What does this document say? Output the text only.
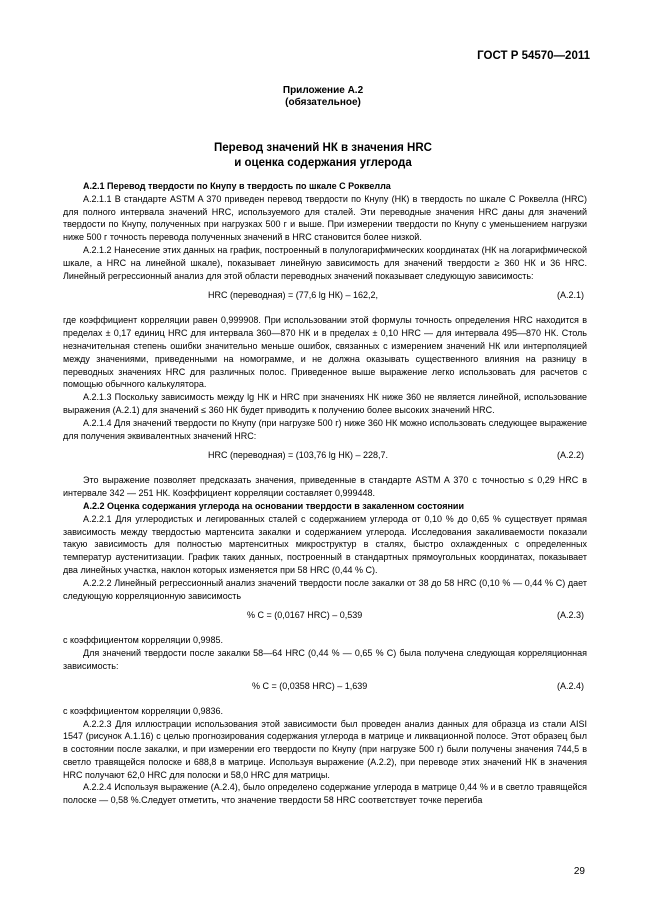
ГОСТ Р 54570—2011
Приложение А.2
(обязательное)
Перевод значений НК в значения HRC
и оценка содержания углерода

А.2.1 Перевод твердости по Кнупу в твердость по шкале С Роквелла

А.2.1.1 В стандарте ASTM A 370 приведен перевод твердости по Кнупу (НК) в твердость по шкале С Роквелла (HRC) для полного интервала значений HRC, используемого для сталей. Эти переводные значения HRC даны для значений твердости по Кнупу, полученных при нагрузках 500 г и выше. При измерении твердости по Кнупу с уменьшением нагрузки ниже 500 г точность перевода полученных значений в HRC становится более низкой.

А.2.1.2 Нанесение этих данных на график, построенный в полулогарифмических координатах (НК на логарифмической шкале, а HRC на линейной шкале), показывает линейную зависимость для значений твердости ≥ 360 НК и 36 HRC. Линейный регрессионный анализ для этой области переводных значений показывает следующую зависимость:

HRC (переводная) = (77,6 lg НК) – 162,2,	(А.2.1)

где коэффициент корреляции равен 0,999908. При использовании этой формулы точность определения HRC находится в пределах ± 0,17 единиц HRC для интервала 360—870 НК и в пределах ± 0,10 HRC — для интервала 495—870 НК. Столь незначительная степень ошибки значительно меньше ошибок, связанных с измерением значений НК или интерполяцией между значениями, приведенными на номограмме, и не должна оказывать существенного влияния на разницу в переводных значениях HRC для различных полос. Приведенное выше выражение легко использовать для расчетов с помощью обычного калькулятора.

А.2.1.3 Поскольку зависимость между lg НК и HRC при значениях НК ниже 360 не является линейной, использование выражения (А.2.1) для значений ≤ 360 НК будет приводить к получению более высоких значений HRC.

А.2.1.4 Для значений твердости по Кнупу (при нагрузке 500 г) ниже 360 НК можно использовать следующее выражение для получения эквивалентных значений HRC:

HRC (переводная) = (103,76 lg НК) – 228,7.	(А.2.2)

Это выражение позволяет предсказать значения, приведенные в стандарте ASTM A 370 с точностью ≤ 0,29 HRC в интервале 342 — 251 НК. Коэффициент корреляции составляет 0,999448.

А.2.2 Оценка содержания углерода на основании твердости в закаленном состоянии

А.2.2.1 Для углеродистых и легированных сталей с содержанием углерода от 0,10 % до 0,65 % существует прямая зависимость между твердостью мартенсита закалки и содержанием углерода. Исследования закаливаемости показали такую зависимость для полностью мартенситных микроструктур в сталях, быстро охлажденных с определенных температур аустенитизации. График таких данных, построенный в стандартных прямоугольных координатах, показывает два линейных участка, наклон которых изменяется при 58 HRC (0,44 % С).

А.2.2.2 Линейный регрессионный анализ значений твердости после закалки от 38 до 58 HRC (0,10 % — 0,44 % С) дает следующую корреляционную зависимость

% C = (0,0167 HRC) – 0,539	(А.2.3)

с коэффициентом корреляции 0,9985.

Для значений твердости после закалки 58—64 HRC (0,44 % — 0,65 % С) была получена следующая корреляционная зависимость:

% C = (0,0358 HRC) – 1,639	(А.2.4)

с коэффициентом корреляции 0,9836.

А.2.2.3 Для иллюстрации использования этой зависимости был проведен анализ данных для образца из стали AISI 1547 (рисунок А.1.16) с целью прогнозирования содержания углерода в матрице и ликвационной полосе. Этот образец был в состоянии после закалки, и при измерении его твердости по Кнупу (при нагрузке 500 г) были получены значения 744,5 в светло травящейся полоске и 688,8 в матрице. Используя выражение (А.2.2), при переводе этих значений НК в значения HRC получают 62,0 HRC для полоски и 58,0 HRC для матрицы.

А.2.2.4 Используя выражение (А.2.4), было определено содержание углерода в матрице 0,44 % и в светло травящейся полоске — 0,58 %.Следует отметить, что значение твердости 58 HRC соответствует точке перегиба

29
